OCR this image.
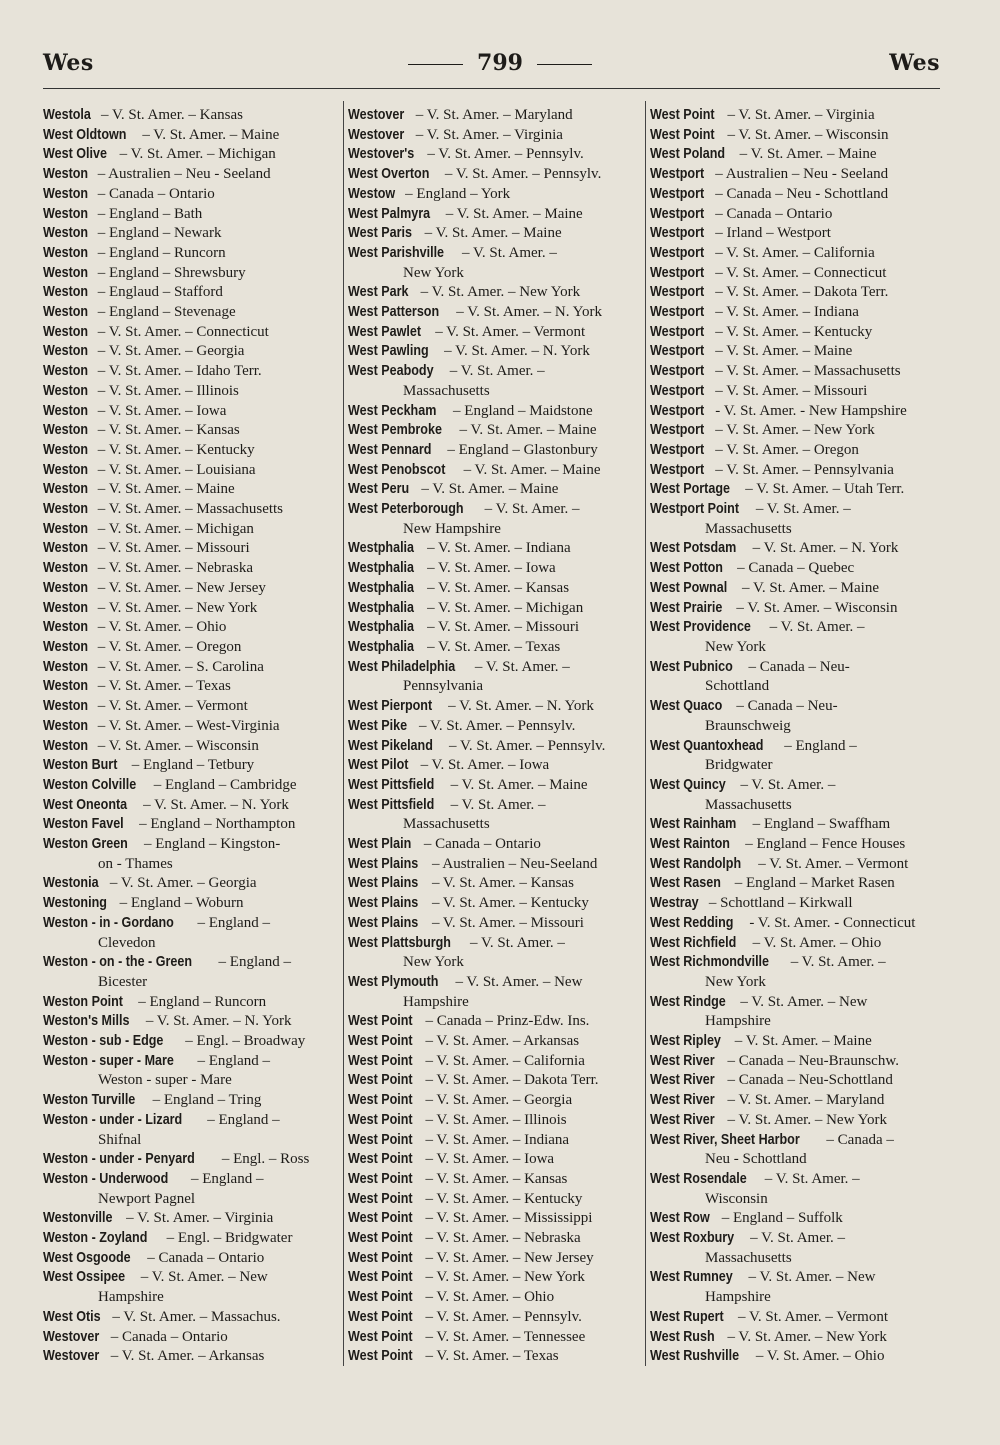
Wes	799	Wes
Westola – V. St. Amer. – Kansas
West Oldtown – V. St. Amer. – Maine
West Olive – V. St. Amer. – Michigan
Weston – Australien – Neu - Seeland
Weston – Canada – Ontario
Weston – England – Bath
Weston – England – Newark
Weston – England – Runcorn
Weston – England – Shrewsbury
Weston – Englaud – Stafford
Weston – England – Stevenage
Weston – V. St. Amer. – Connecticut
Weston – V. St. Amer. – Georgia
Weston – V. St. Amer. – Idaho Terr.
Weston – V. St. Amer. – Illinois
Weston – V. St. Amer. – Iowa
Weston – V. St. Amer. – Kansas
Weston – V. St. Amer. – Kentucky
Weston – V. St. Amer. – Louisiana
Weston – V. St. Amer. – Maine
Weston – V. St. Amer. – Massachusetts
Weston – V. St. Amer. – Michigan
Weston – V. St. Amer. – Missouri
Weston – V. St. Amer. – Nebraska
Weston – V. St. Amer. – New Jersey
Weston – V. St. Amer. – New York
Weston – V. St. Amer. – Ohio
Weston – V. St. Amer. – Oregon
Weston – V. St. Amer. – S. Carolina
Weston – V. St. Amer. – Texas
Weston – V. St. Amer. – Vermont
Weston – V. St. Amer. – West-Virginia
Weston – V. St. Amer. – Wisconsin
Weston Burt – England – Tetbury
Weston Colville – England – Cambridge
West Oneonta – V. St. Amer. – N. York
Weston Favel – England – Northampton
Weston Green – England – Kingston-
on - Thames
Westonia – V. St. Amer. – Georgia
Westoning – England – Woburn
Weston - in - Gordano – England –
Clevedon
Weston - on - the - Green – England –
Bicester
Weston Point – England – Runcorn
Weston's Mills – V. St. Amer. – N. York
Weston - sub - Edge – Engl. – Broadway
Weston - super - Mare – England –
Weston - super - Mare
Weston Turville – England – Tring
Weston - under - Lizard – England –
Shifnal
Weston - under - Penyard – Engl. – Ross
Weston - Underwood – England –
Newport Pagnel
Westonville – V. St. Amer. – Virginia
Weston - Zoyland – Engl. – Bridgwater
West Osgoode – Canada – Ontario
West Ossipee – V. St. Amer. – New
Hampshire
West Otis – V. St. Amer. – Massachus.
Westover – Canada – Ontario
Westover – V. St. Amer. – Arkansas
Westover – V. St. Amer. – Maryland
Westover – V. St. Amer. – Virginia
Westover's – V. St. Amer. – Pennsylv.
West Overton – V. St. Amer. – Pennsylv.
Westow – England – York
West Palmyra – V. St. Amer. – Maine
West Paris – V. St. Amer. – Maine
West Parishville – V. St. Amer. –
New York
West Park – V. St. Amer. – New York
West Patterson – V. St. Amer. – N. York
West Pawlet – V. St. Amer. – Vermont
West Pawling – V. St. Amer. – N. York
West Peabody – V. St. Amer. –
Massachusetts
West Peckham – England – Maidstone
West Pembroke – V. St. Amer. – Maine
West Pennard – England – Glastonbury
West Penobscot – V. St. Amer. – Maine
West Peru – V. St. Amer. – Maine
West Peterborough – V. St. Amer. –
New Hampshire
Westphalia – V. St. Amer. – Indiana
Westphalia – V. St. Amer. – Iowa
Westphalia – V. St. Amer. – Kansas
Westphalia – V. St. Amer. – Michigan
Westphalia – V. St. Amer. – Missouri
Westphalia – V. St. Amer. – Texas
West Philadelphia – V. St. Amer. –
Pennsylvania
West Pierpont – V. St. Amer. – N. York
West Pike – V. St. Amer. – Pennsylv.
West Pikeland – V. St. Amer. – Pennsylv.
West Pilot – V. St. Amer. – Iowa
West Pittsfield – V. St. Amer. – Maine
West Pittsfield – V. St. Amer. –
Massachusetts
West Plain – Canada – Ontario
West Plains – Australien – Neu-Seeland
West Plains – V. St. Amer. – Kansas
West Plains – V. St. Amer. – Kentucky
West Plains – V. St. Amer. – Missouri
West Plattsburgh – V. St. Amer. –
New York
West Plymouth – V. St. Amer. – New
Hampshire
West Point – Canada – Prinz-Edw. Ins.
West Point – V. St. Amer. – Arkansas
West Point – V. St. Amer. – California
West Point – V. St. Amer. – Dakota Terr.
West Point – V. St. Amer. – Georgia
West Point – V. St. Amer. – Illinois
West Point – V. St. Amer. – Indiana
West Point – V. St. Amer. – Iowa
West Point – V. St. Amer. – Kansas
West Point – V. St. Amer. – Kentucky
West Point – V. St. Amer. – Mississippi
West Point – V. St. Amer. – Nebraska
West Point – V. St. Amer. – New Jersey
West Point – V. St. Amer. – New York
West Point – V. St. Amer. – Ohio
West Point – V. St. Amer. – Pennsylv.
West Point – V. St. Amer. – Tennessee
West Point – V. St. Amer. – Texas
West Point – V. St. Amer. – Virginia
West Point – V. St. Amer. – Wisconsin
West Poland – V. St. Amer. – Maine
Westport – Australien – Neu - Seeland
Westport – Canada – Neu - Schottland
Westport – Canada – Ontario
Westport – Irland – Westport
Westport – V. St. Amer. – California
Westport – V. St. Amer. – Connecticut
Westport – V. St. Amer. – Dakota Terr.
Westport – V. St. Amer. – Indiana
Westport – V. St. Amer. – Kentucky
Westport – V. St. Amer. – Maine
Westport – V. St. Amer. – Massachusetts
Westport – V. St. Amer. – Missouri
Westport - V. St. Amer. - New Hampshire
Westport – V. St. Amer. – New York
Westport – V. St. Amer. – Oregon
Westport – V. St. Amer. – Pennsylvania
West Portage – V. St. Amer. – Utah Terr.
Westport Point – V. St. Amer. –
Massachusetts
West Potsdam – V. St. Amer. – N. York
West Potton – Canada – Quebec
West Pownal – V. St. Amer. – Maine
West Prairie – V. St. Amer. – Wisconsin
West Providence – V. St. Amer. –
New York
West Pubnico – Canada – Neu-
Schottland
West Quaco – Canada – Neu-
Braunschweig
West Quantoxhead – England –
Bridgwater
West Quincy – V. St. Amer. –
Massachusetts
West Rainham – England – Swaffham
West Rainton – England – Fence Houses
West Randolph – V. St. Amer. – Vermont
West Rasen – England – Market Rasen
Westray – Schottland – Kirkwall
West Redding - V. St. Amer. - Connecticut
West Richfield – V. St. Amer. – Ohio
West Richmondville – V. St. Amer. –
New York
West Rindge – V. St. Amer. – New
Hampshire
West Ripley – V. St. Amer. – Maine
West River – Canada – Neu-Braunschw.
West River – Canada – Neu-Schottland
West River – V. St. Amer. – Maryland
West River – V. St. Amer. – New York
West River, Sheet Harbor – Canada –
Neu - Schottland
West Rosendale – V. St. Amer. –
Wisconsin
West Row – England – Suffolk
West Roxbury – V. St. Amer. –
Massachusetts
West Rumney – V. St. Amer. – New
Hampshire
West Rupert – V. St. Amer. – Vermont
West Rush – V. St. Amer. – New York
West Rushville – V. St. Amer. – Ohio
